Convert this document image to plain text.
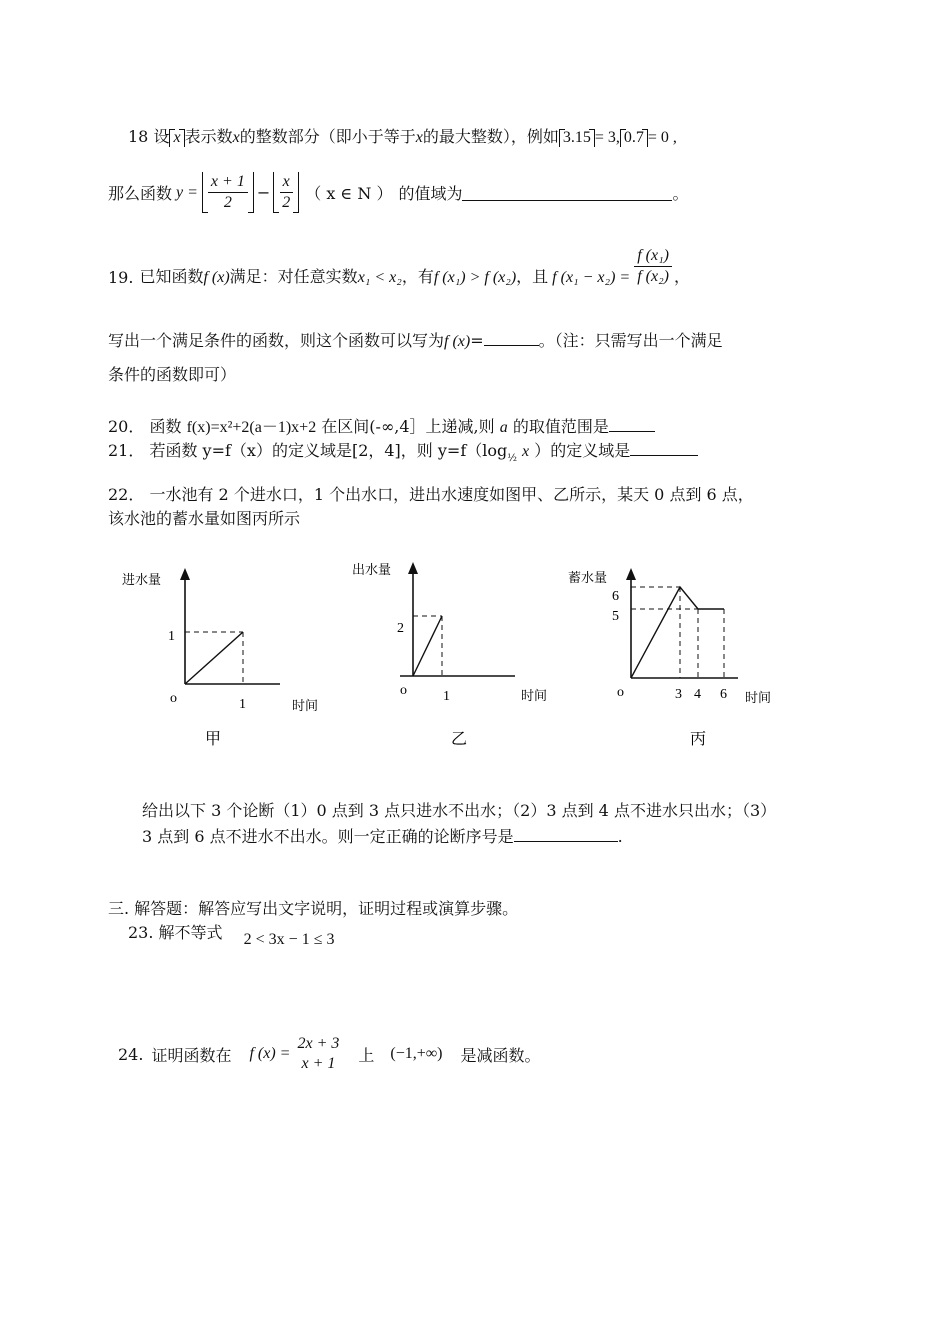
18 设 x 表示数x的整数部分（即小于等于x的最大整数），例如 3.15 = 3, 0.7 = 0 ,
那么函数 $y = \frac{x + 1}{2} - \frac{x}{2}$ （ x ∈ N ） 的值域为	。
19. 已知函数 f (x) 满足：对任意实数 x₁ < x₂ ，有 f (x₁) > f (x₂) ，且 f $(x_1 - x_2) = \frac{\text{f (x₁)}}{\text{f (x₂)}}$ ，
写出一个满足条件的函数，则这个函数可以写为f (x)=	。（注：只需写出一个满足
条件的函数即可）
20． 函数 f(x)=x²+2(a－1)x+2 在区间(-∞,4］上递减,则 a 的取值范围是
21． 若函数 y=f（x）的定义域是[2，4]，则 $y=f(\log_{\frac{1}{2}}$ x ）的定义域是
22． 一水池有 2 个进水口，1 个出水口，进出水速度如图甲、乙所示，某天 0 点到 6 点，
该水池的蓄水量如图丙所示
进水量
1
o	1	时间
甲
出水量
2
o	1	时间
乙
蓄水量
6
5
o	3 4 6 时间
丙
给出以下 3 个论断（1）0 点到 3 点只进水不出水；（2）3 点到 4 点不进水只出水；（3）
3 点到 6 点不进水不出水。则一定正确的论断序号是	.
三. 解答题：解答应写出文字说明，证明过程或演算步骤。
23. 解不等式 2 < 3x − 1 ≤ 3
24. 证明函数在 f (x) =
2x + 3
x + 1 上 (−1,+∞) 是减函数。
